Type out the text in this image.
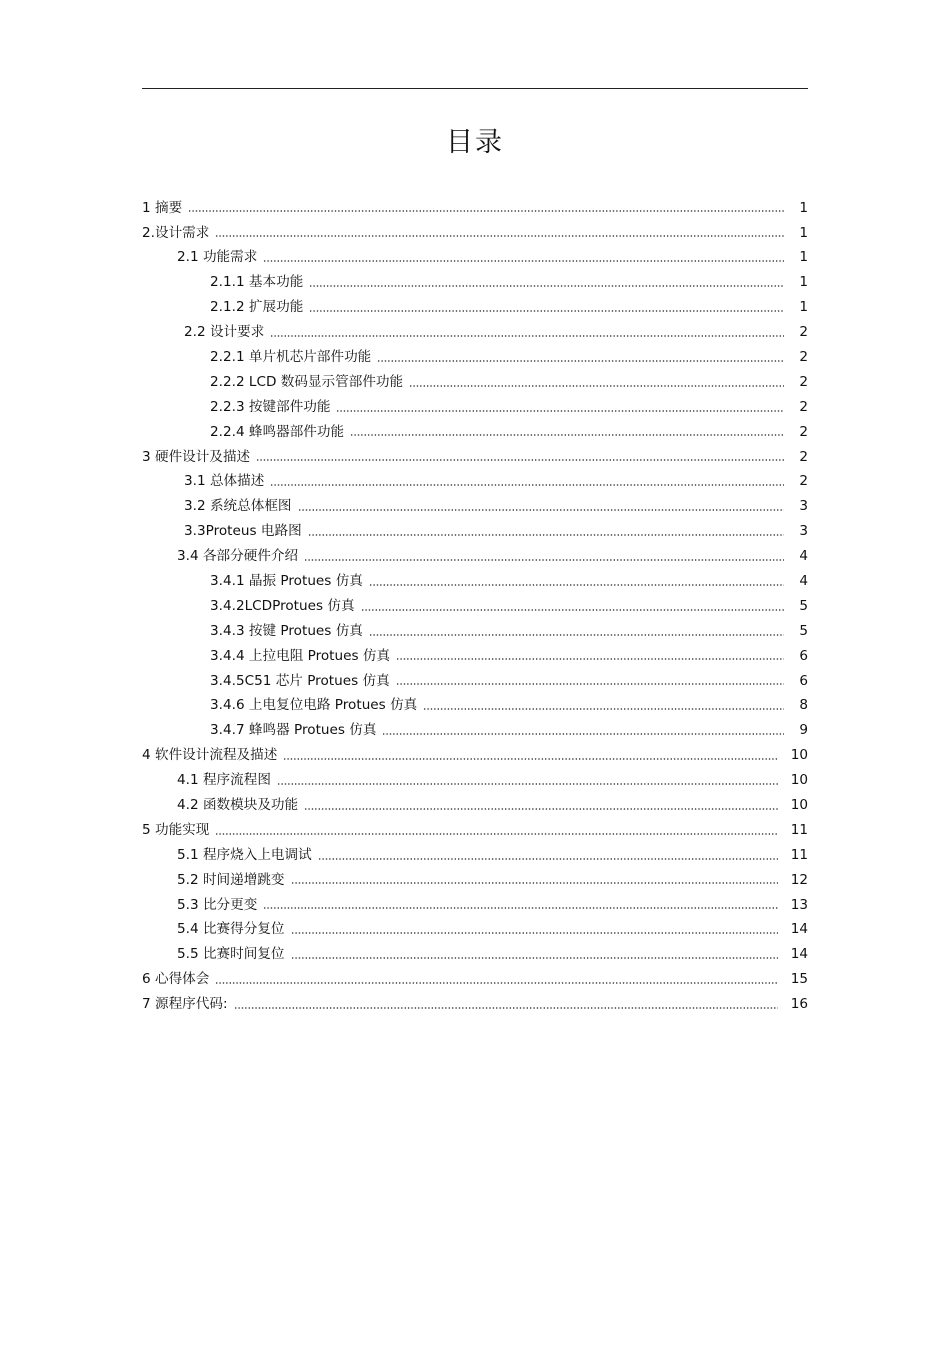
目录
1 摘要	1
2.设计需求	1
2.1 功能需求	1
2.1.1 基本功能	1
2.1.2 扩展功能	1
2.2 设计要求	2
2.2.1 单片机芯片部件功能	2
2.2.2 LCD 数码显示管部件功能	2
2.2.3 按键部件功能	2
2.2.4 蜂鸣器部件功能	2
3 硬件设计及描述	2
3.1 总体描述	2
3.2 系统总体框图	3
3.3Proteus 电路图	3
3.4 各部分硬件介绍	4
3.4.1 晶振 Protues 仿真	4
3.4.2LCDProtues 仿真	5
3.4.3 按键 Protues 仿真	5
3.4.4 上拉电阻 Protues 仿真	6
3.4.5C51 芯片 Protues 仿真	6
3.4.6 上电复位电路 Protues 仿真	8
3.4.7 蜂鸣器 Protues 仿真	9
4 软件设计流程及描述	10
4.1 程序流程图	10
4.2 函数模块及功能	10
5 功能实现	11
5.1 程序烧入上电调试	11
5.2 时间递增跳变	12
5.3 比分更变	13
5.4 比赛得分复位	14
5.5 比赛时间复位	14
6 心得体会	15
7 源程序代码:	16
